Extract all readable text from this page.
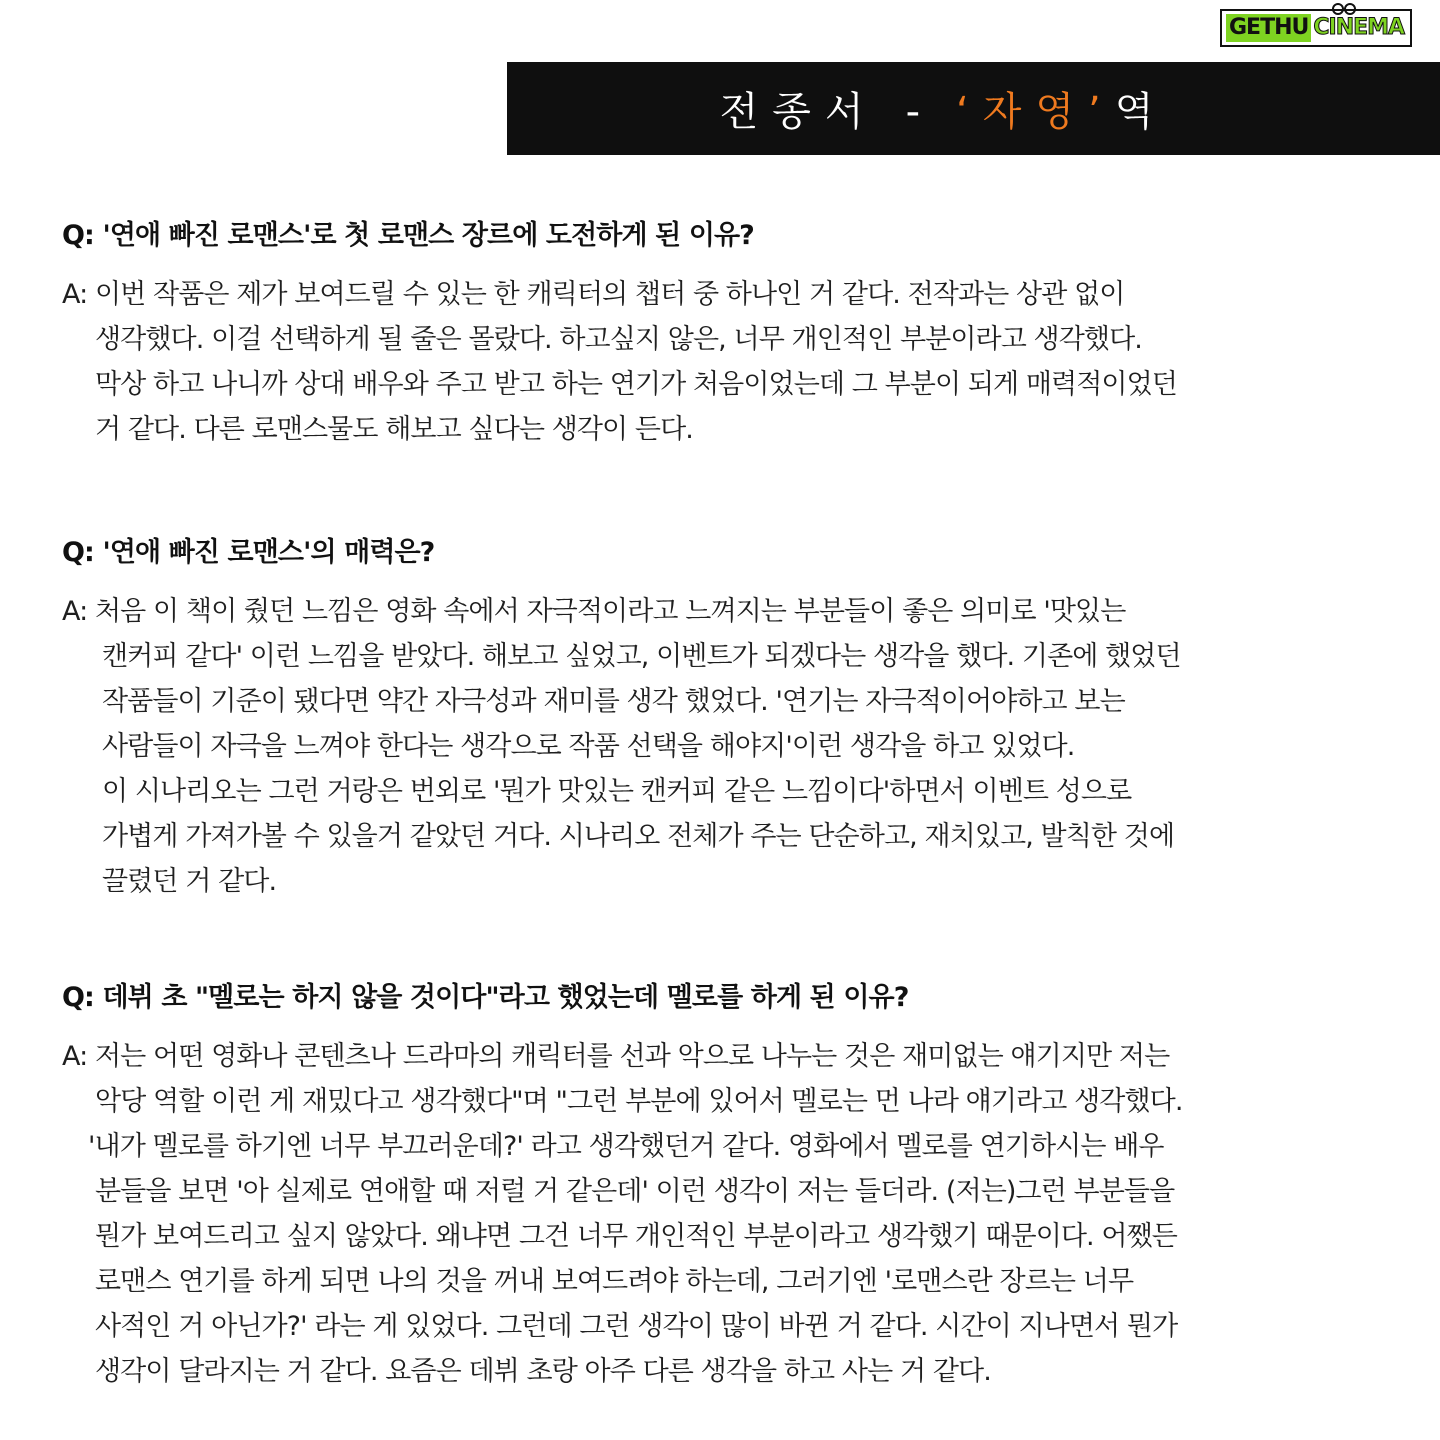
GETHU CINEMA
전종서 - ‘자영’역
Q: '연애 빠진 로맨스'로 첫 로맨스 장르에 도전하게 된 이유?
A: 이번 작품은 제가 보여드릴 수 있는 한 캐릭터의 챕터 중 하나인 거 같다. 전작과는 상관 없이
생각했다. 이걸 선택하게 될 줄은 몰랐다. 하고싶지 않은, 너무 개인적인 부분이라고 생각했다.
막상 하고 나니까 상대 배우와 주고 받고 하는 연기가 처음이었는데 그 부분이 되게 매력적이었던
거 같다. 다른 로맨스물도 해보고 싶다는 생각이 든다.
Q: '연애 빠진 로맨스'의 매력은?
A: 처음 이 책이 줬던 느낌은 영화 속에서 자극적이라고 느껴지는 부분들이 좋은 의미로 '맛있는
캔커피 같다' 이런 느낌을 받았다. 해보고 싶었고, 이벤트가 되겠다는 생각을 했다. 기존에 했었던
작품들이 기준이 됐다면 약간 자극성과 재미를 생각 했었다. '연기는 자극적이어야하고 보는
사람들이 자극을 느껴야 한다는 생각으로 작품 선택을 해야지'이런 생각을 하고 있었다.
이 시나리오는 그런 거랑은 번외로 '뭔가 맛있는 캔커피 같은 느낌이다'하면서 이벤트 성으로
가볍게 가져가볼 수 있을거 같았던 거다. 시나리오 전체가 주는 단순하고, 재치있고, 발칙한 것에
끌렸던 거 같다.
Q: 데뷔 초 "멜로는 하지 않을 것이다"라고 했었는데 멜로를 하게 된 이유?
A: 저는 어떤 영화나 콘텐츠나 드라마의 캐릭터를 선과 악으로 나누는 것은 재미없는 얘기지만 저는
악당 역할 이런 게 재밌다고 생각했다"며 "그런 부분에 있어서 멜로는 먼 나라 얘기라고 생각했다.
'내가 멜로를 하기엔 너무 부끄러운데?' 라고 생각했던거 같다. 영화에서 멜로를 연기하시는 배우
분들을 보면 '아 실제로 연애할 때 저럴 거 같은데' 이런 생각이 저는 들더라. (저는)그런 부분들을
뭔가 보여드리고 싶지 않았다. 왜냐면 그건 너무 개인적인 부분이라고 생각했기 때문이다. 어쨌든
로맨스 연기를 하게 되면 나의 것을 꺼내 보여드려야 하는데, 그러기엔 '로맨스란 장르는 너무
사적인 거 아닌가?' 라는 게 있었다. 그런데 그런 생각이 많이 바뀐 거 같다. 시간이 지나면서 뭔가
생각이 달라지는 거 같다. 요즘은 데뷔 초랑 아주 다른 생각을 하고 사는 거 같다.
